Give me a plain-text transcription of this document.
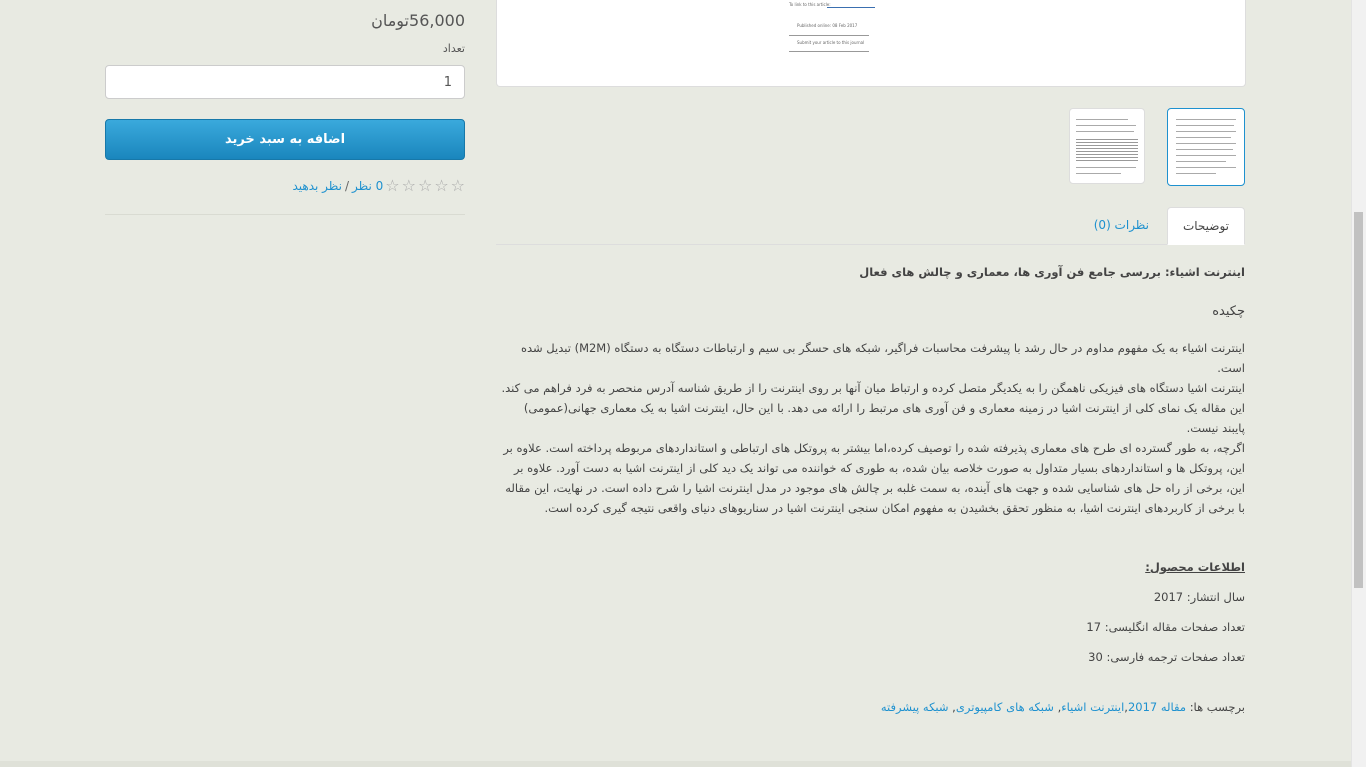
56,000تومان
تعداد
1
اضافه به سبد خرید
☆
☆
☆
☆
☆
0 نظر
/
نظر بدهید
To link to this article:
Published online: 08 Feb 2017
Submit your article to this journal
توضیحات
نظرات (0)
اینترنت اشیاء: بررسی جامع فن آوری ها، معماری و چالش های فعال
چکیده

اینترنت اشیاء به یک مفهوم مداوم در حال رشد با پیشرفت محاسبات فراگیر، شبکه های حسگر بی سیم و ارتباطات دستگاه به دستگاه (M2M) تبدیل شده است.

اینترنت اشیا دستگاه های فیزیکی ناهمگن را به یکدیگر متصل کرده و ارتباط میان آنها بر روی اینترنت را از طریق شناسه آدرس منحصر به فرد فراهم می کند. این مقاله یک نمای کلی از اینترنت اشیا در زمینه معماری و فن آوری های مرتبط را ارائه می دهد. با این حال، اینترنت اشیا به یک معماری جهانی(عمومی) پایبند نیست.

اگرچه، به طور گسترده ای طرح های معماری پذیرفته شده را توصیف کرده،اما بیشتر به پروتکل های ارتباطی و استانداردهای مربوطه پرداخته است. علاوه بر این، پروتکل ها و استانداردهای بسیار متداول به صورت خلاصه بیان شده، به طوری که خواننده می تواند یک دید کلی از اینترنت اشیا به دست آورد. علاوه بر این، برخی از راه حل های شناسایی شده و جهت های آینده، به سمت غلبه بر چالش های موجود در مدل اینترنت اشیا را شرح داده است. در نهایت، این مقاله با برخی از کاربردهای اینترنت اشیا، به منظور تحقق بخشیدن به مفهوم امکان سنجی اینترنت اشیا در سناریوهای دنیای واقعی نتیجه گیری کرده است.

اطلاعات محصول:
سال انتشار: 2017
تعداد صفحات مقاله انگلیسی: 17
تعداد صفحات ترجمه فارسی: 30
برچسب ها: مقاله 2017,اینترنت اشیاء, شبکه های کامپیوتری, شبکه پیشرفته
